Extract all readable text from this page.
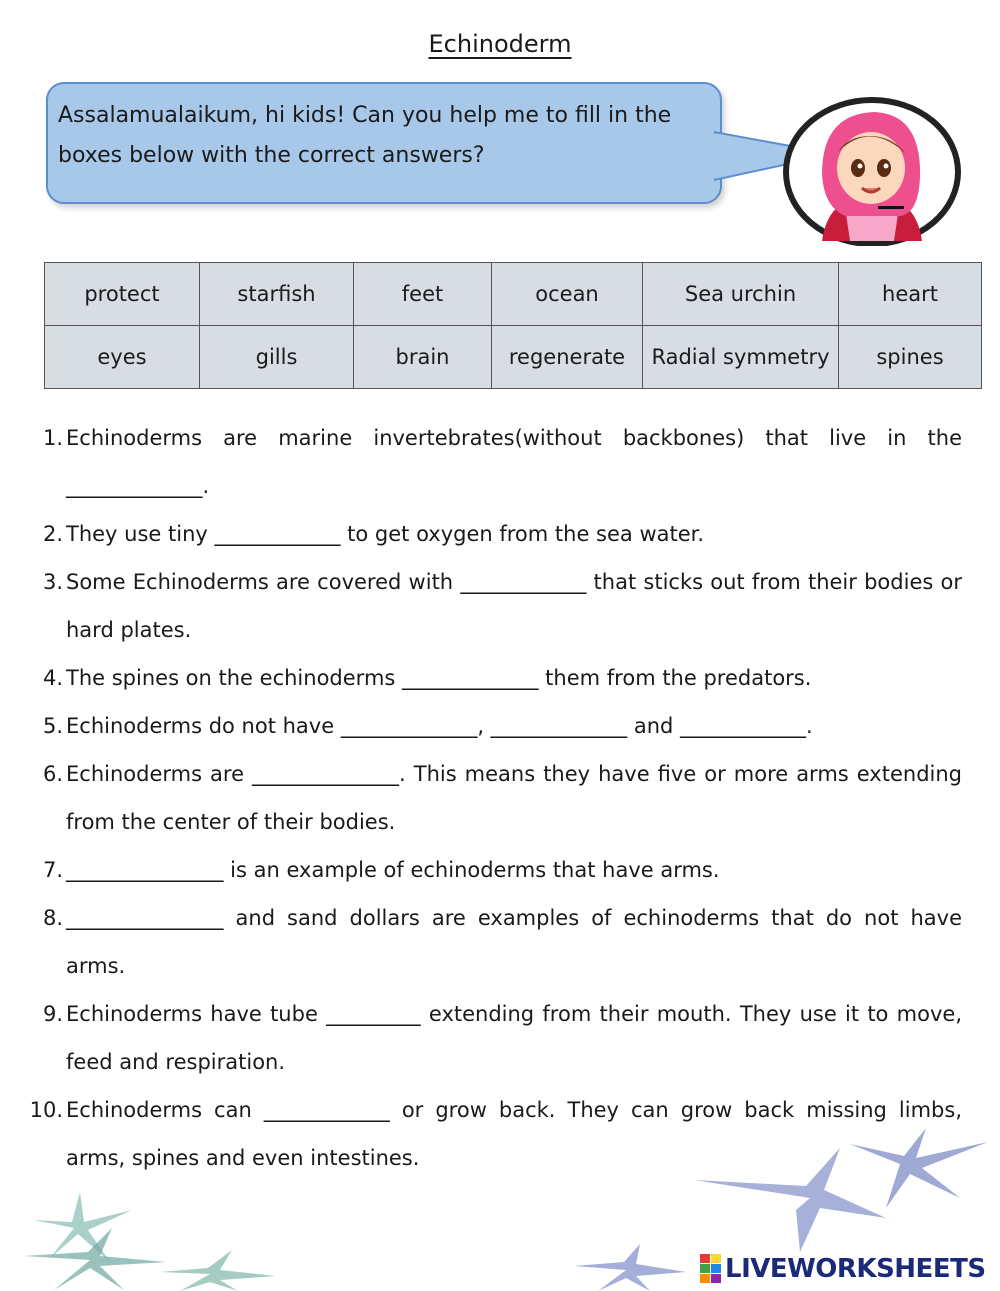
Echinoderm
Assalamualaikum, hi kids! Can you help me to fill in the boxes below with the correct answers?
protect	starfish	feet	ocean	Sea urchin	heart
eyes	gills	brain	regenerate	Radial symmetry	spines
1. Echinoderms are marine invertebrates(without backbones) that live in the _____________.
2. They use tiny ____________ to get oxygen from the sea water.
3. Some Echinoderms are covered with ____________ that sticks out from their bodies or hard plates.
4. The spines on the echinoderms _____________ them from the predators.
5. Echinoderms do not have _____________, _____________ and ____________.
6. Echinoderms are ______________. This means they have five or more arms extending from the center of their bodies.
7. _______________ is an example of echinoderms that have arms.
8. _______________ and sand dollars are examples of echinoderms that do not have arms.
9. Echinoderms have tube _________ extending from their mouth. They use it to move, feed and respiration.
10. Echinoderms can ____________ or grow back. They can grow back missing limbs, arms, spines and even intestines.
LIVEWORKSHEETS
